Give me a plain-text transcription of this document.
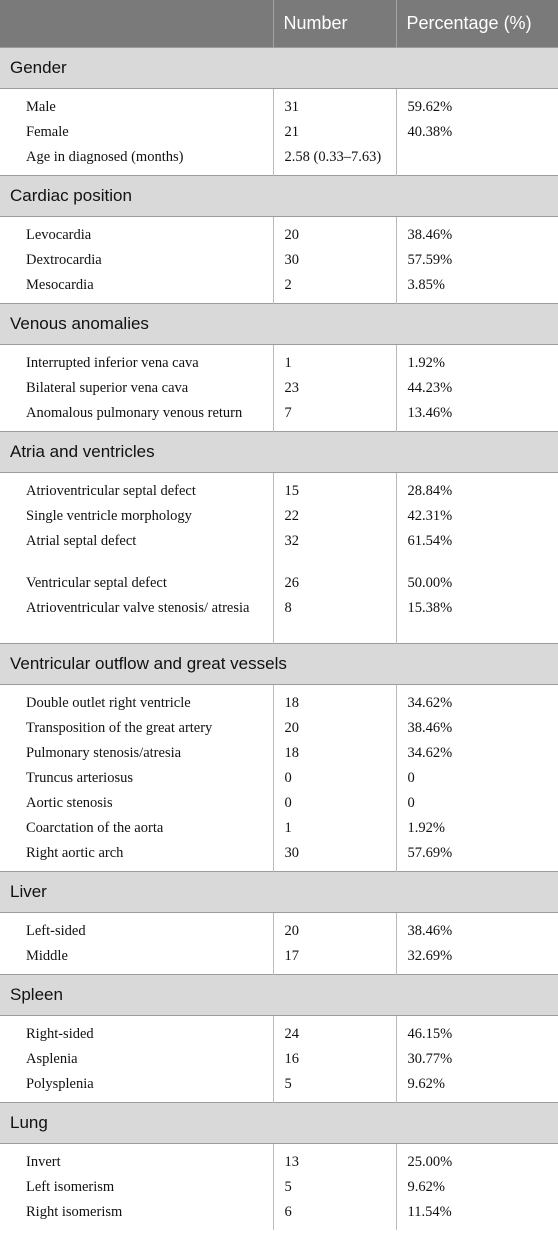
	Number	Percentage (%)
Gender		
Male	31	59.62%
Female	21	40.38%
Age in diagnosed (months)	2.58 (0.33–7.63)	
Cardiac position		
Levocardia	20	38.46%
Dextrocardia	30	57.59%
Mesocardia	2	3.85%
Venous anomalies		
Interrupted inferior vena cava	1	1.92%
Bilateral superior vena cava	23	44.23%
Anomalous pulmonary venous return	7	13.46%
Atria and ventricles		
Atrioventricular septal defect	15	28.84%
Single ventricle morphology	22	42.31%
Atrial septal defect	32	61.54%
Ventricular septal defect	26	50.00%
Atrioventricular valve stenosis/ atresia	8	15.38%
Ventricular outflow and great vessels		
Double outlet right ventricle	18	34.62%
Transposition of the great artery	20	38.46%
Pulmonary stenosis/atresia	18	34.62%
Truncus arteriosus	0	0
Aortic stenosis	0	0
Coarctation of the aorta	1	1.92%
Right aortic arch	30	57.69%
Liver		
Left-sided	20	38.46%
Middle	17	32.69%
Spleen		
Right-sided	24	46.15%
Asplenia	16	30.77%
Polysplenia	5	9.62%
Lung		
Invert	13	25.00%
Left isomerism	5	9.62%
Right isomerism	6	11.54%
